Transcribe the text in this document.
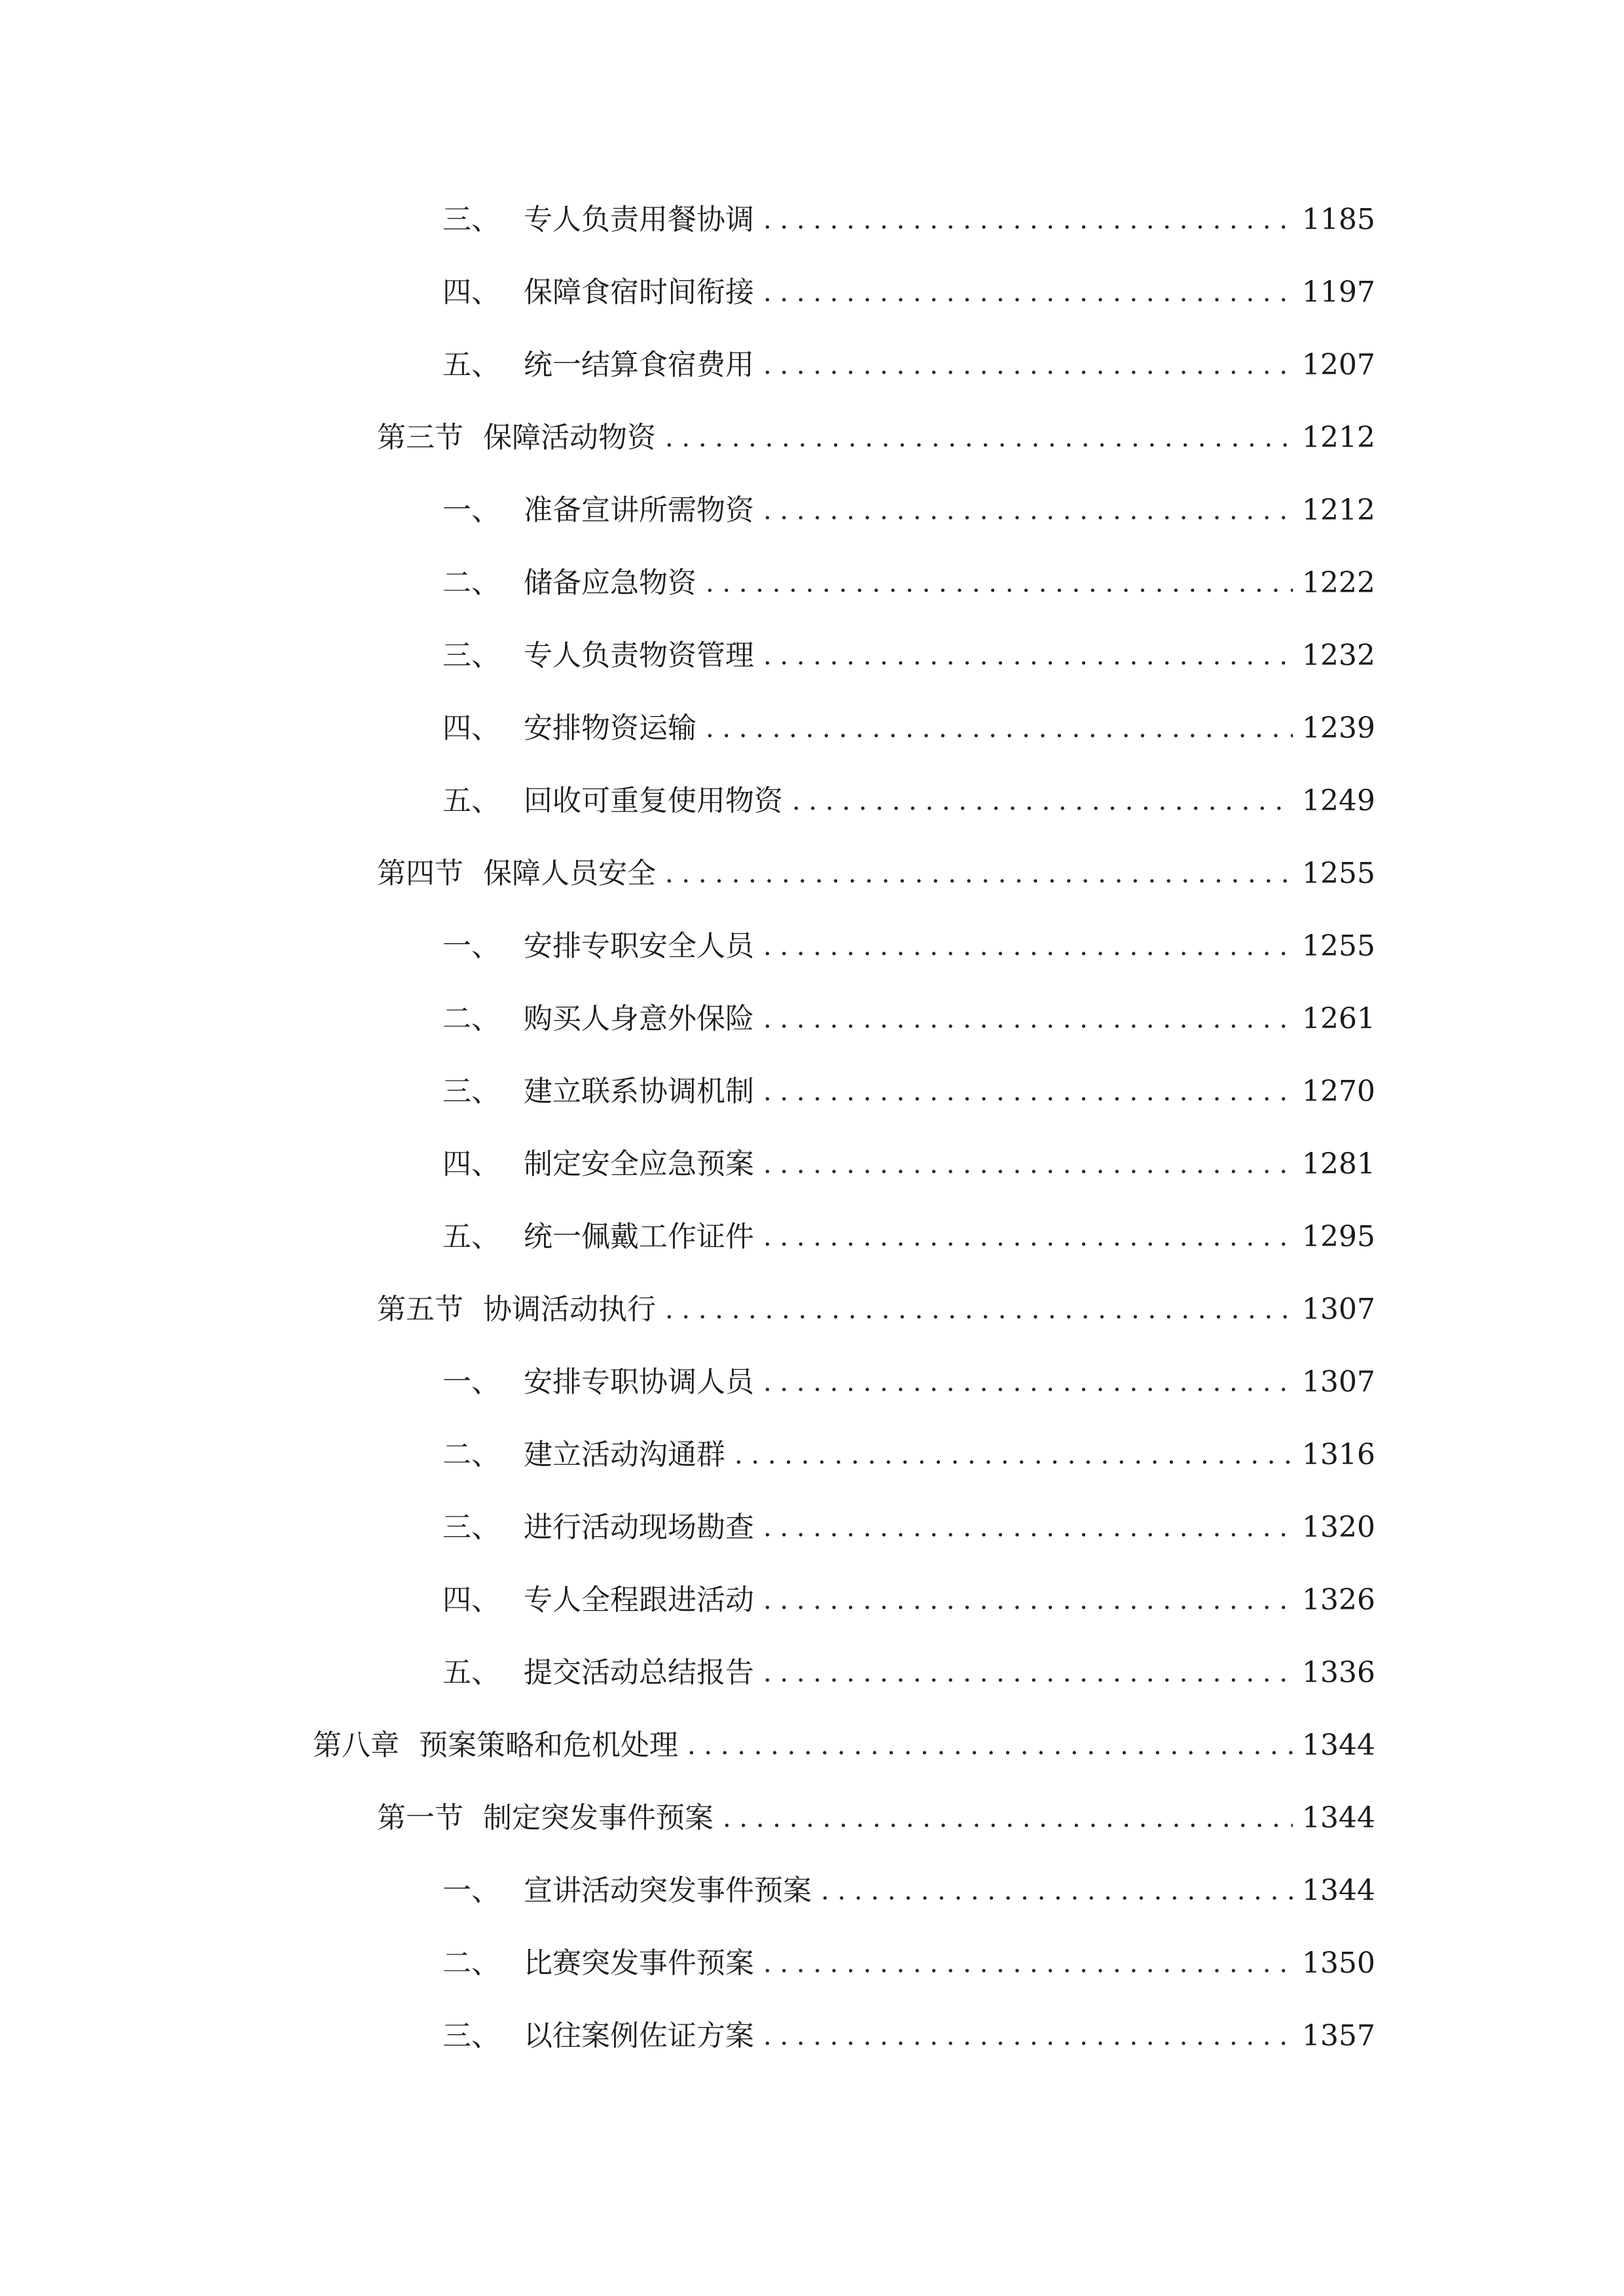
三、 专人负责用餐协调 . . .	1185
四、 保障食宿时间衔接 . . .	1197
五、 统一结算食宿费用 . . .	1207
第三节 保障活动物资 . . .	1212
一、 准备宣讲所需物资 . . .	1212
二、 储备应急物资 . . .	1222
三、 专人负责物资管理 . . .	1232
四、 安排物资运输 . . .	1239
五、 回收可重复使用物资 . . .	1249
第四节 保障人员安全 . . .	1255
一、 安排专职安全人员 . . .	1255
二、 购买人身意外保险 . . .	1261
三、 建立联系协调机制 . . .	1270
四、 制定安全应急预案 . . .	1281
五、 统一佩戴工作证件 . . .	1295
第五节 协调活动执行 . . .	1307
一、 安排专职协调人员 . . .	1307
二、 建立活动沟通群 . . .	1316
三、 进行活动现场勘查 . . .	1320
四、 专人全程跟进活动 . . .	1326
五、 提交活动总结报告 . . .	1336
第八章 预案策略和危机处理 . . .	1344
第一节 制定突发事件预案 . . .	1344
一、 宣讲活动突发事件预案 . . .	1344
二、 比赛突发事件预案 . . .	1350
三、 以往案例佐证方案 . . .	1357
